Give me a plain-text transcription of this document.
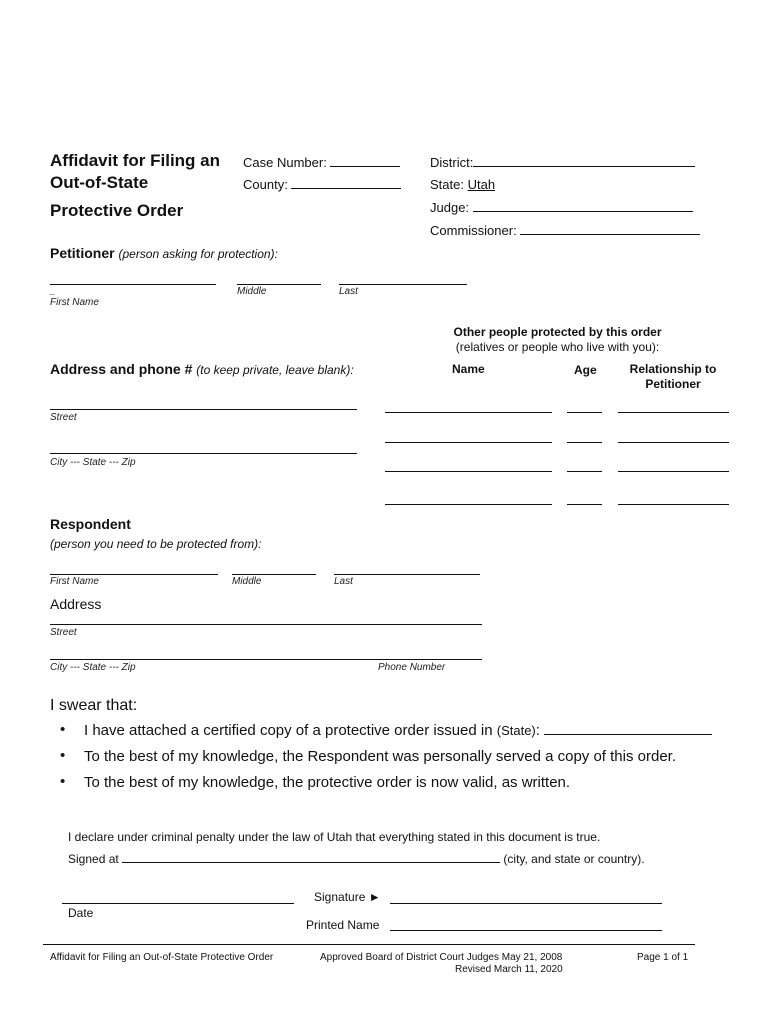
Affidavit for Filing an
Out-of-State
Protective Order
Case Number:
County:
District:
State: Utah
Judge:
Commissioner:
Petitioner (person asking for protection):
_	Middle	Last
First Name
Other people protected by this order
(relatives or people who live with you):
Name	Age	Relationship to
Petitioner
Address and phone # (to keep private, leave blank):
Street
City --- State --- Zip
Respondent
(person you need to be protected from):
First Name	Middle	Last
Address
Street
City --- State --- Zip	Phone Number
I swear that:
• I have attached a certified copy of a protective order issued in (State):
• To the best of my knowledge, the Respondent was personally served a copy of this order.
• To the best of my knowledge, the protective order is now valid, as written.
I declare under criminal penalty under the law of Utah that everything stated in this document is true.
Signed at	(city, and state or country).
Date
Signature ►
Printed Name
Affidavit for Filing an Out-of-State Protective Order	Approved Board of District Court Judges May 21, 2008
Revised March 11, 2020
Page 1 of 1
